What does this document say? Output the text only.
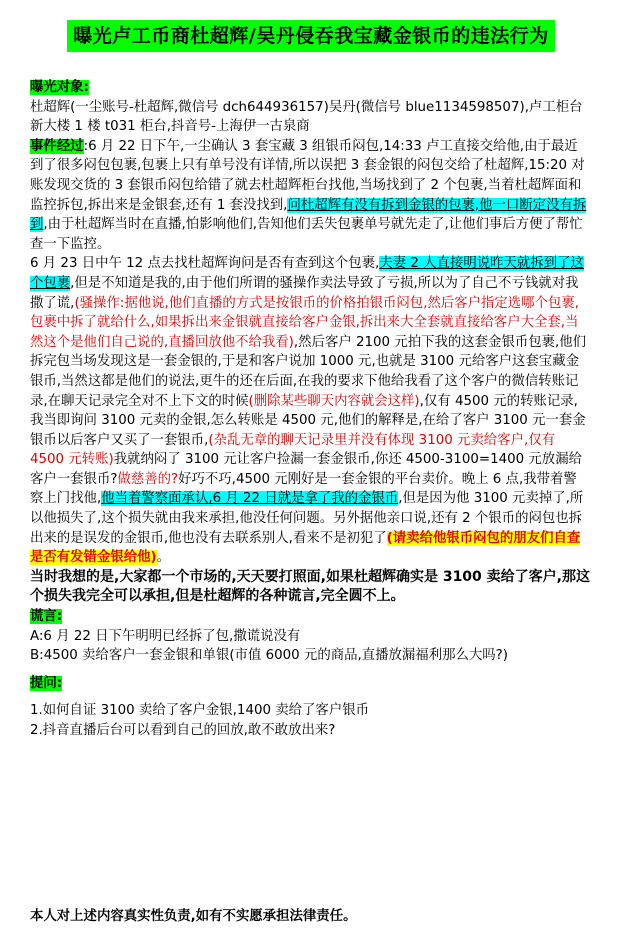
曝光卢工币商杜超辉/吴丹侵吞我宝藏金银币的违法行为

曝光对象:

杜超辉(一尘账号-杜超辉,微信号 dch644936157)吴丹(微信号 blue1134598507),卢工柜台新大楼 1 楼 t031 柜台,抖音号-上海伊一古泉商

事件经过:6 月 22 日下午,一尘确认 3 套宝藏 3 组银币闷包,14:33 卢工直接交给他,由于最近到了很多闷包包裹,包裹上只有单号没有详情,所以误把 3 套金银的闷包交给了杜超辉,15:20 对账发现交货的 3 套银币闷包给错了就去杜超辉柜台找他,当场找到了 2 个包裹,当着杜超辉面和监控拆包,拆出来是金银套,还有 1 套没找到,问杜超辉有没有拆到金银的包裹,他一口断定没有拆到,由于杜超辉当时在直播,怕影响他们,告知他们丢失包裹单号就先走了,让他们事后方便了帮忙查一下监控。

6 月 23 日中午 12 点去找杜超辉询问是否有查到这个包裹,夫妻 2 人直接明说昨天就拆到了这个包裹,但是不知道是我的,由于他们所谓的骚操作卖法导致了亏损,所以为了自己不亏钱就对我撒了谎,(骚操作:据他说,他们直播的方式是按银币的价格拍银币闷包,然后客户指定选哪个包裹,包裹中拆了就给什么,如果拆出来金银就直接给客户金银,拆出来大全套就直接给客户大全套,当然这个是他们自己说的,直播回放他不给我看),然后客户 2100 元拍下我的这套金银币包裹,他们拆完包当场发现这是一套金银的,于是和客户说加 1000 元,也就是 3100 元给客户这套宝藏金银币,当然这都是他们的说法,更牛的还在后面,在我的要求下他给我看了这个客户的微信转账记录,在聊天记录完全对不上下文的时候(删除某些聊天内容就会这样),仅有 4500 元的转账记录,我当即询问 3100 元卖的金银,怎么转账是 4500 元,他们的解释是,在给了客户 3100 元一套金银币以后客户又买了一套银币,(杂乱无章的聊天记录里并没有体现 3100 元卖给客户,仅有 4500 元转账)我就纳闷了 3100 元让客户捡漏一套金银币,你还 4500-3100=1400 元放漏给客户一套银币?做慈善的?好巧不巧,4500 元刚好是一套金银的平台卖价。晚上 6 点,我带着警察上门找他,他当着警察面承认,6 月 22 日就是拿了我的金银币,但是因为他 3100 元卖掉了,所以他损失了,这个损失就由我来承担,他没任何问题。另外据他亲口说,还有 2 个银币的闷包也拆出来的是误发的金银币,他也没有去联系别人,看来不是初犯了(请卖给他银币闷包的朋友们自查是否有发错金银给他)。

当时我想的是,大家都一个市场的,天天要打照面,如果杜超辉确实是 3100 卖给了客户,那这个损失我完全可以承担,但是杜超辉的各种谎言,完全圆不上。

谎言:

A:6 月 22 日下午明明已经拆了包,撒谎说没有

B:4500 卖给客户一套金银和单银(市值 6000 元的商品,直播放漏福利那么大吗?)

提问:

1.如何自证 3100 卖给了客户金银,1400 卖给了客户银币

2.抖音直播后台可以看到自己的回放,敢不敢放出来?

本人对上述内容真实性负责,如有不实愿承担法律责任。
